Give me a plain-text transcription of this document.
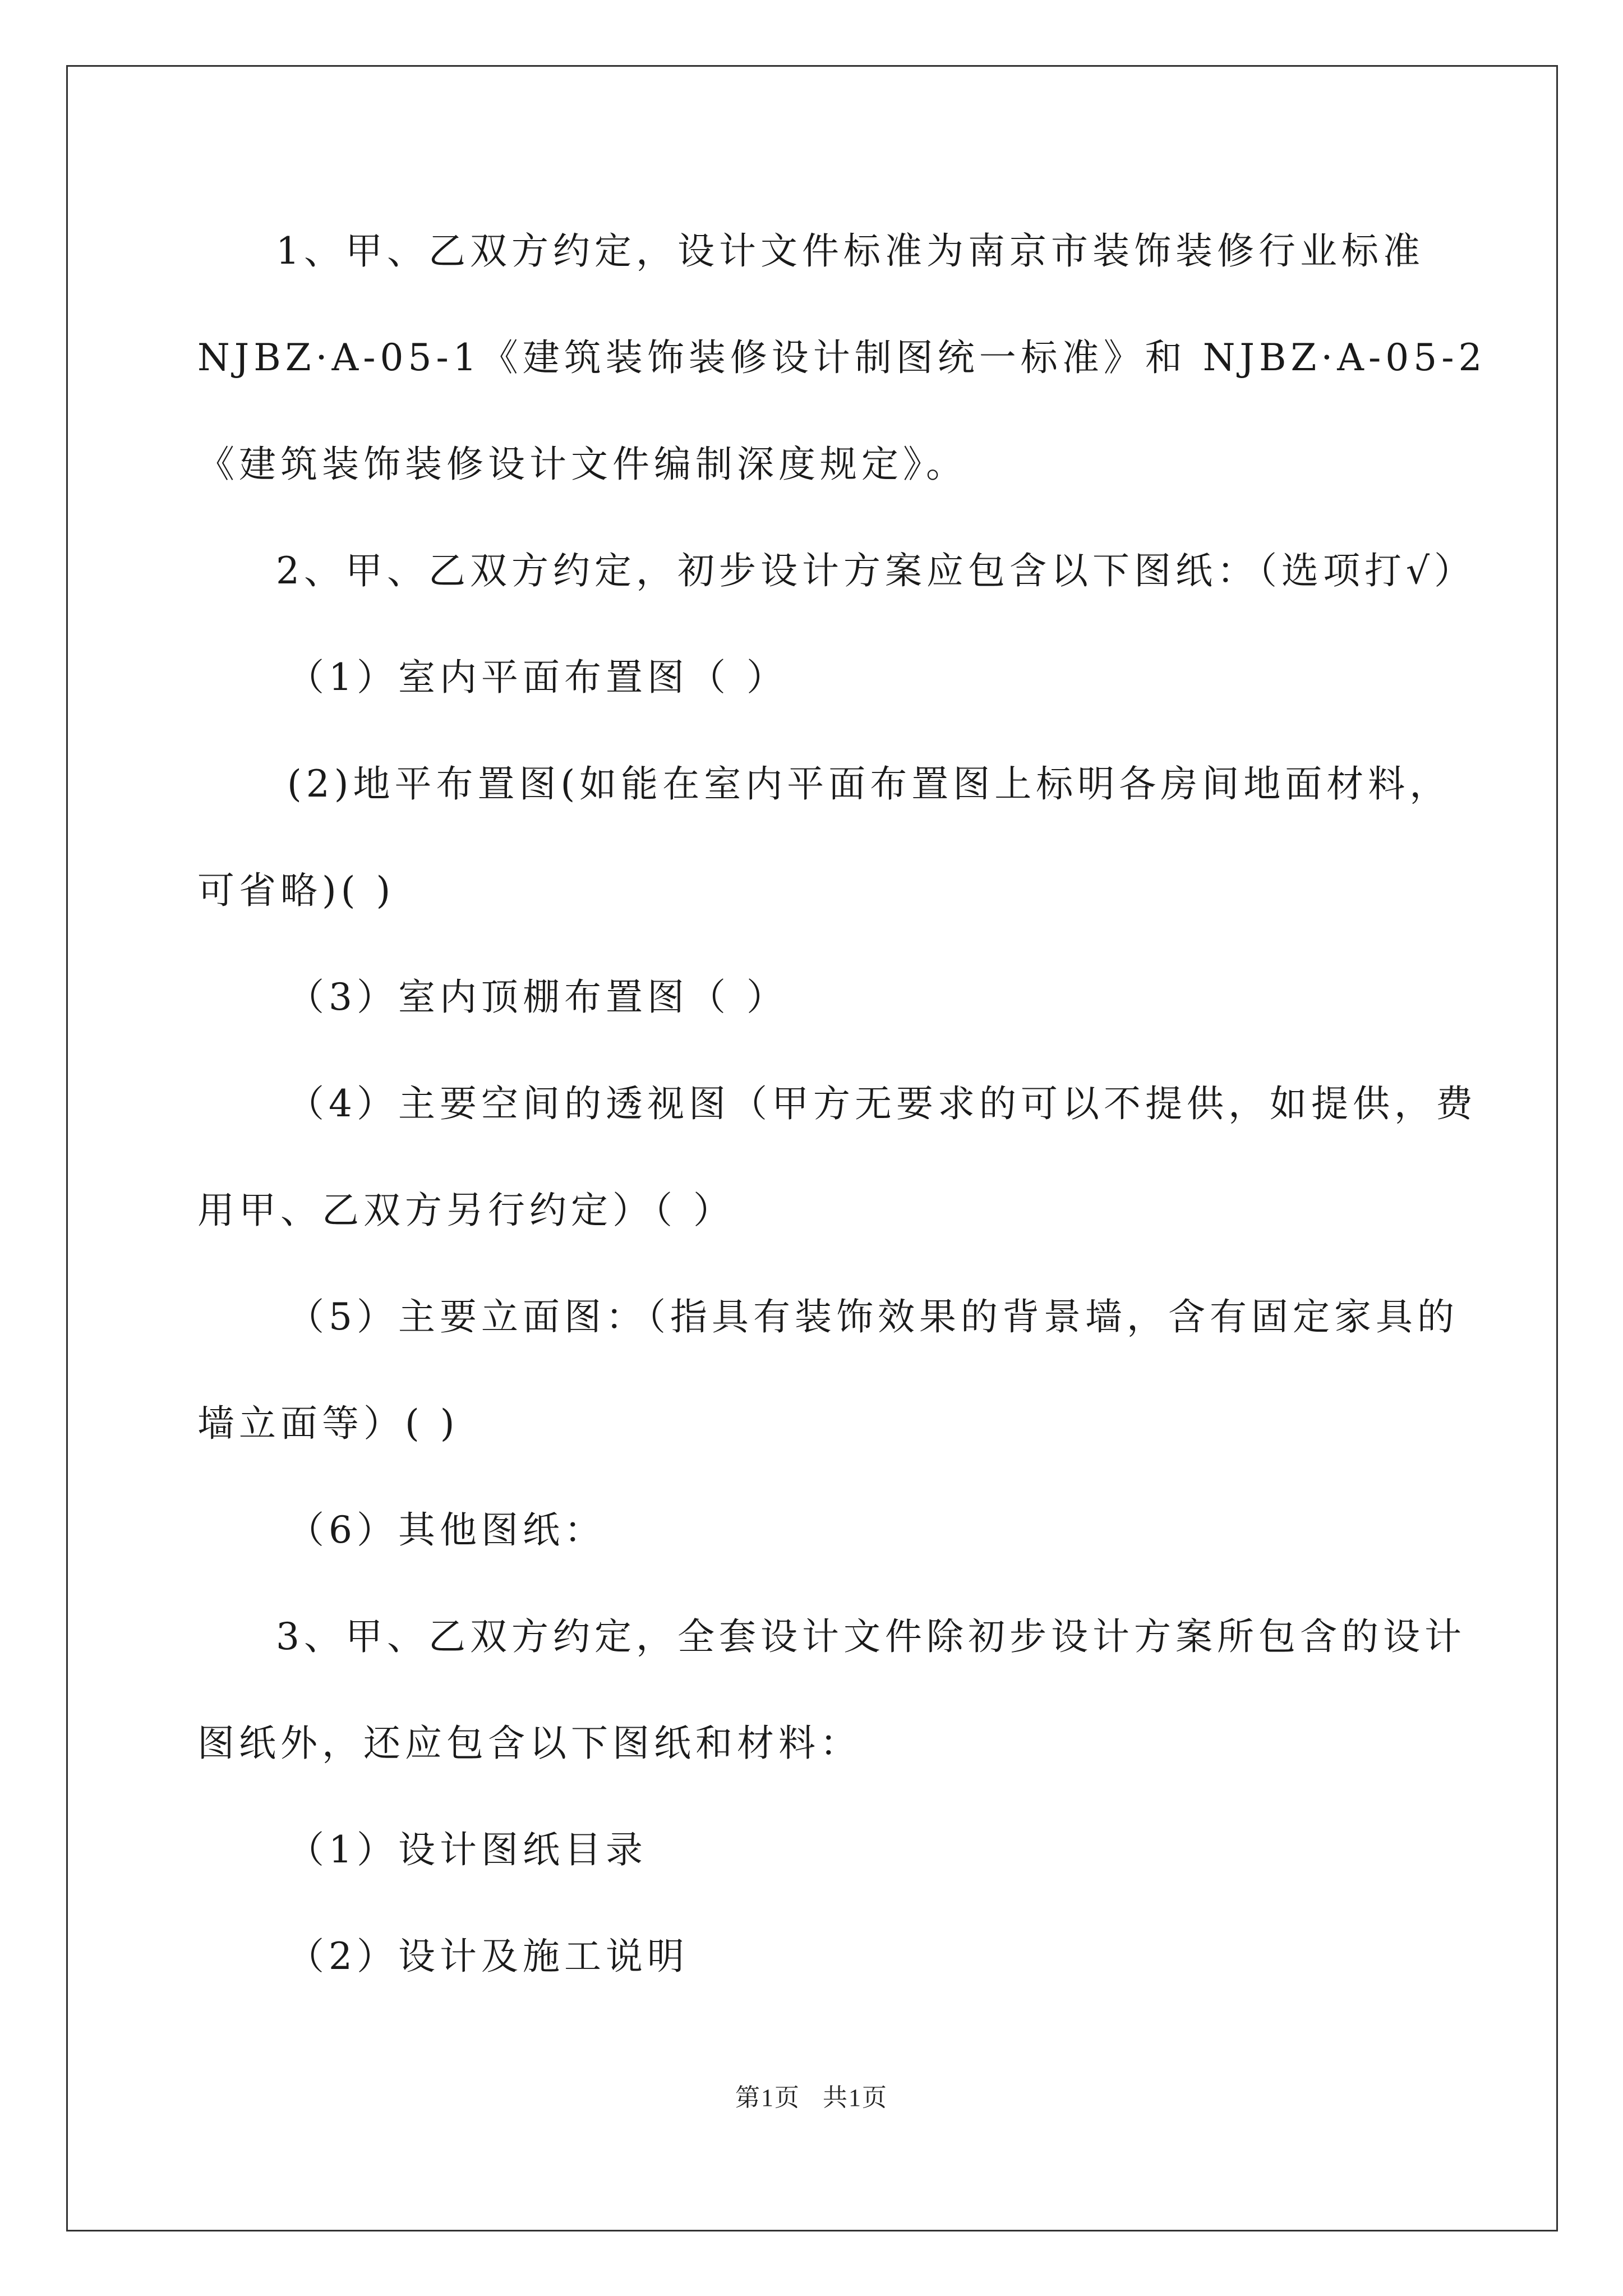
1、甲、乙双方约定，设计文件标准为南京市装饰装修行业标准
NJBZ·A-05-1《建筑装饰装修设计制图统一标准》和 NJBZ·A-05-2
《建筑装饰装修设计文件编制深度规定》。
2、甲、乙双方约定，初步设计方案应包含以下图纸：（选项打√）
（1）室内平面布置图（ ）
(2)地平布置图(如能在室内平面布置图上标明各房间地面材料，
可省略)( )
（3）室内顶棚布置图（ ）
（4）主要空间的透视图（甲方无要求的可以不提供，如提供，费
用甲、乙双方另行约定）（ ）
（5）主要立面图：（指具有装饰效果的背景墙，含有固定家具的
墙立面等）( )
（6）其他图纸：
3、甲、乙双方约定，全套设计文件除初步设计方案所包含的设计
图纸外，还应包含以下图纸和材料：
（1）设计图纸目录
（2）设计及施工说明
第1页 共1页
